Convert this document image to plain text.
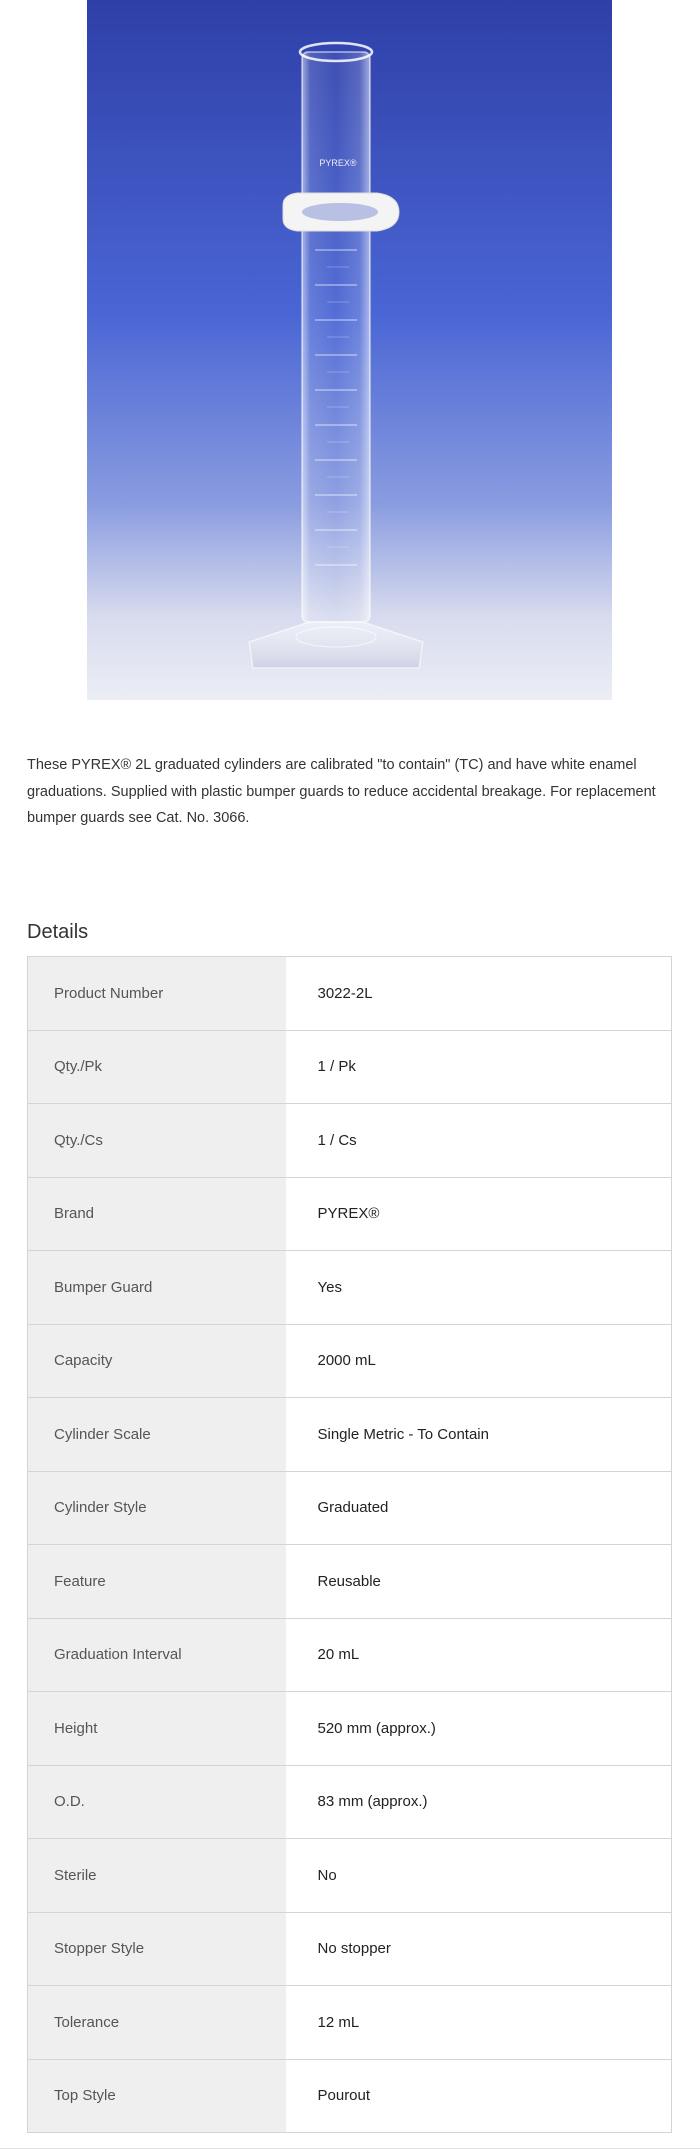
PYREX®

These PYREX® 2L graduated cylinders are calibrated "to contain" (TC) and have white enamel graduations. Supplied with plastic bumper guards to reduce accidental breakage. For replacement bumper guards see Cat. No. 3066.

Details
Product Number	3022-2L
Qty./Pk	1 / Pk
Qty./Cs	1 / Cs
Brand	PYREX®
Bumper Guard	Yes
Capacity	2000 mL
Cylinder Scale	Single Metric - To Contain
Cylinder Style	Graduated
Feature	Reusable
Graduation Interval	20 mL
Height	520 mm (approx.)
O.D.	83 mm (approx.)
Sterile	No
Stopper Style	No stopper
Tolerance	12 mL
Top Style	Pourout
